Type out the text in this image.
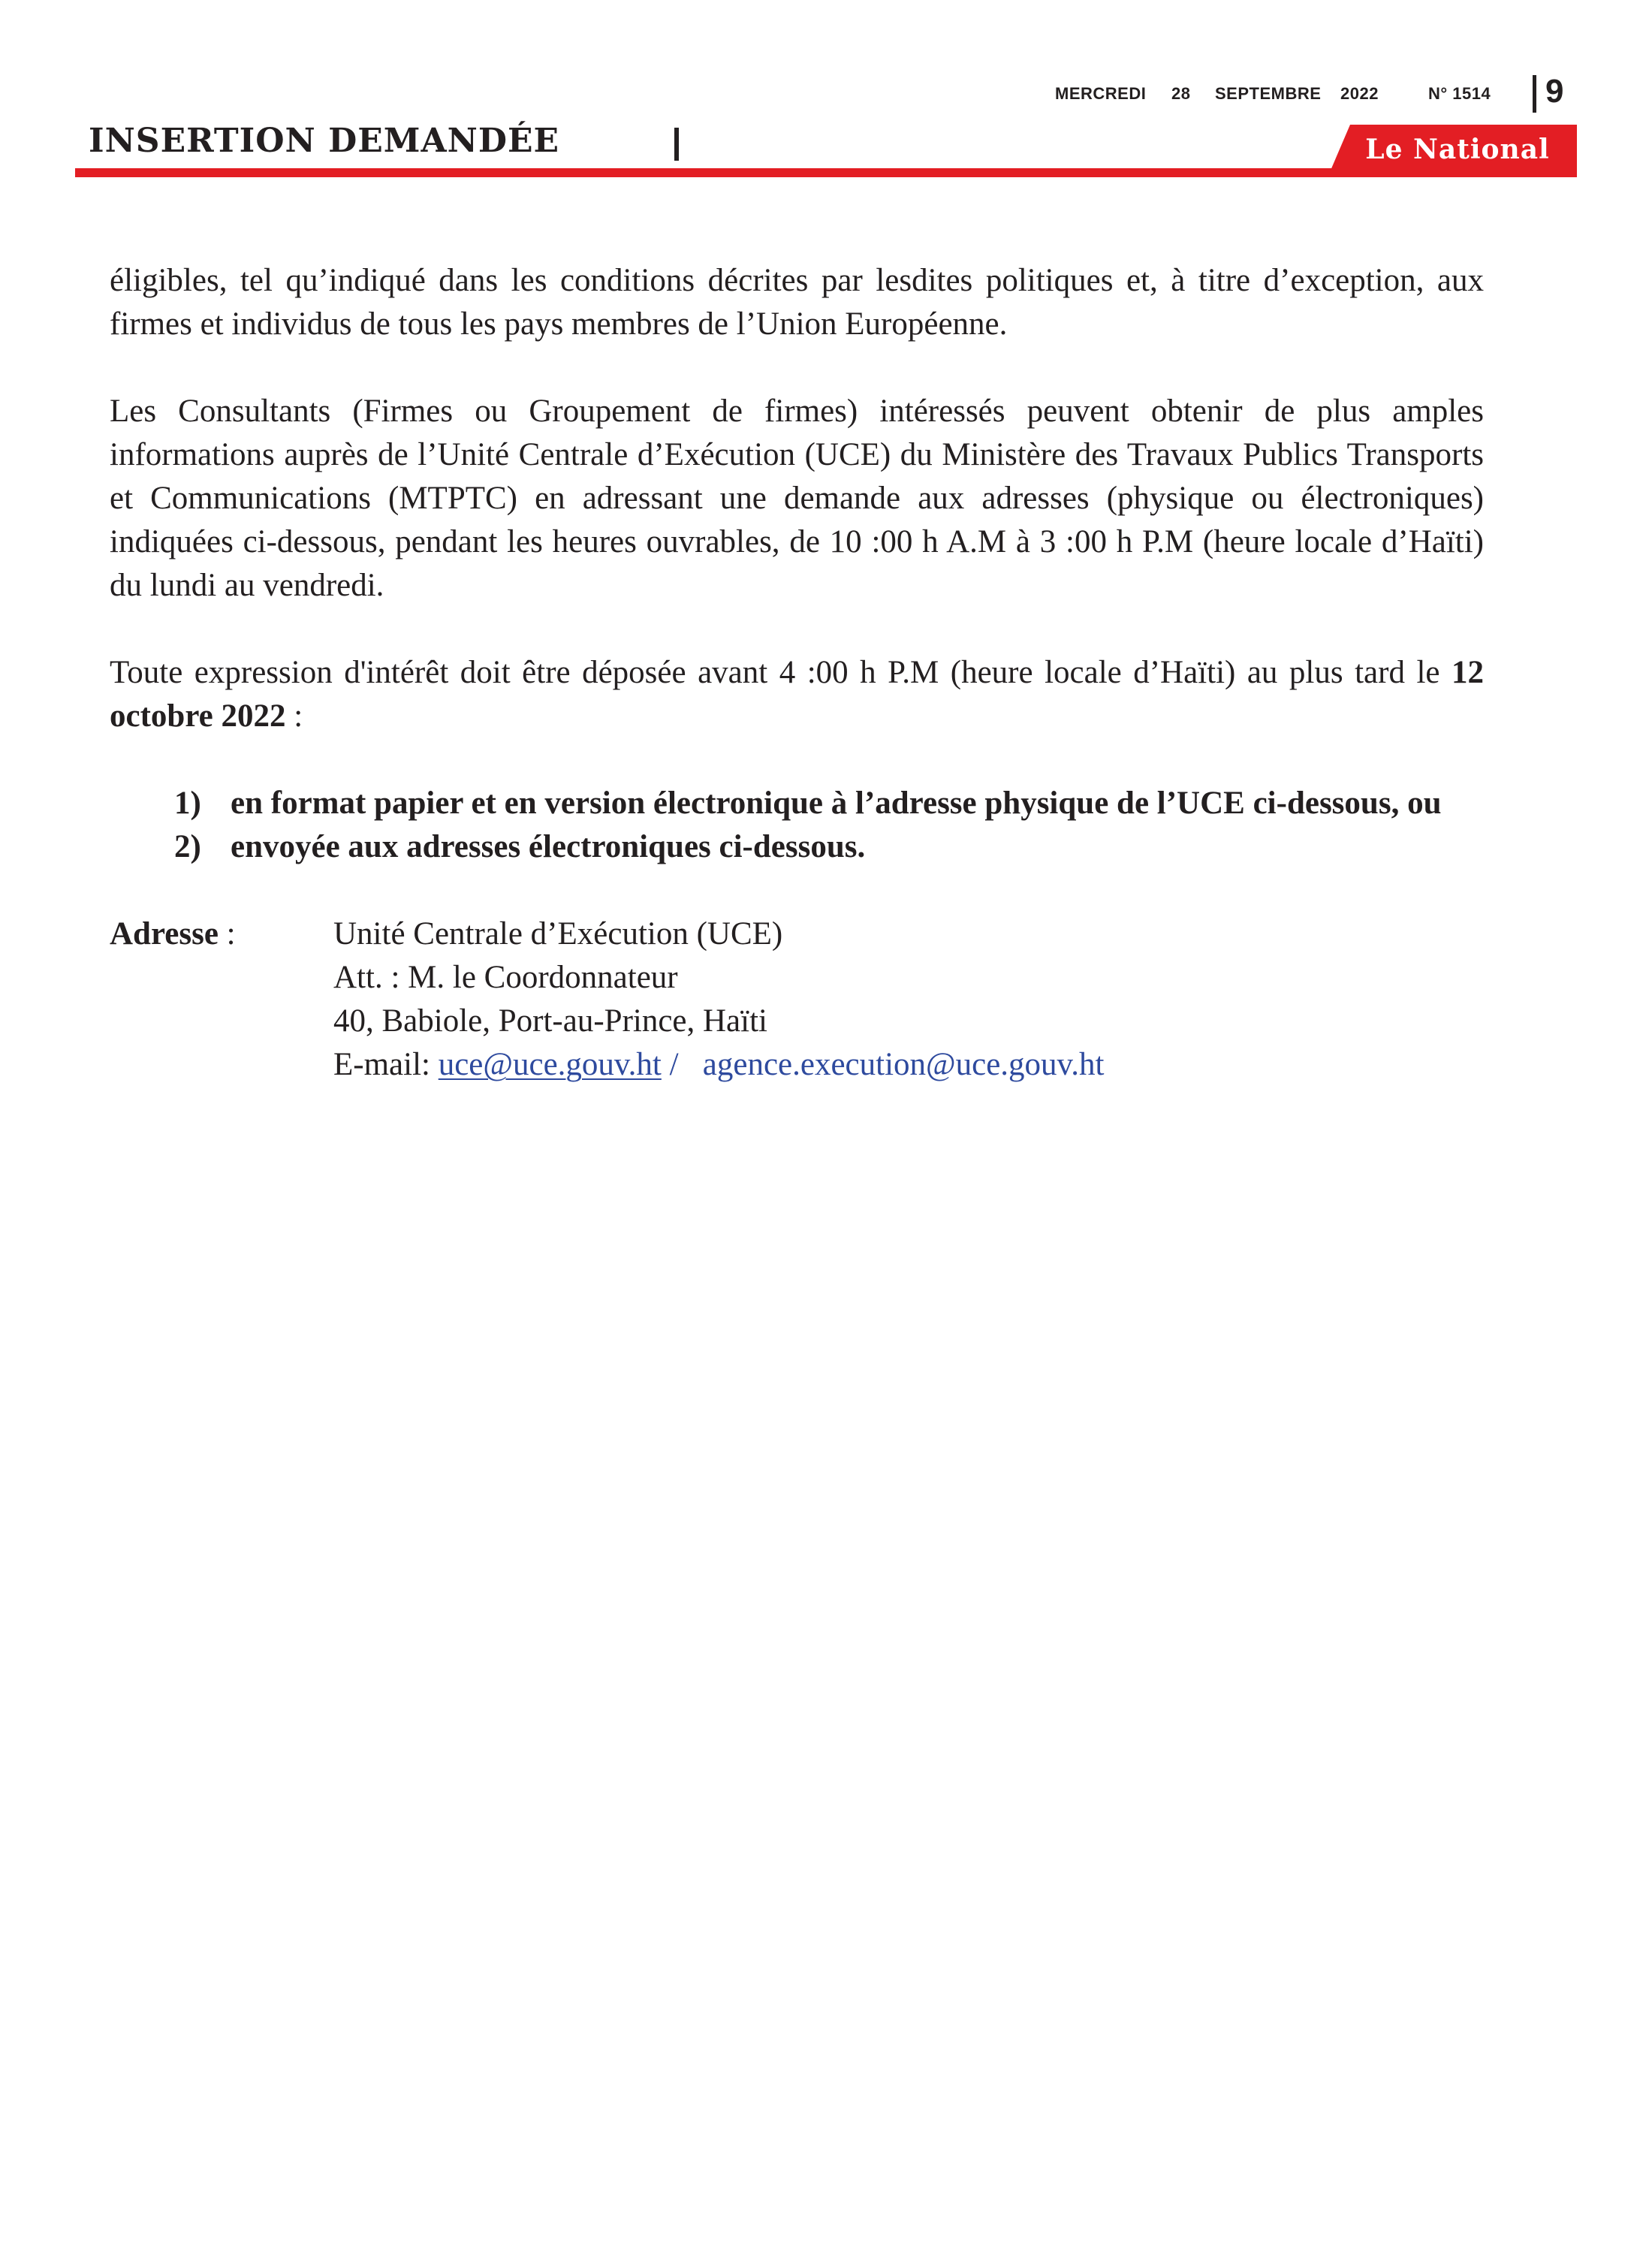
MERCREDI 28 SEPTEMBRE 2022	N° 1514 9
INSERTION DEMANDÉE	Le National

éligibles, tel qu’indiqué dans les conditions décrites par lesdites politiques et, à titre d’exception, aux firmes et individus de tous les pays membres de l’Union Européenne.

Les Consultants (Firmes ou Groupement de firmes) intéressés peuvent obtenir de plus amples informations auprès de l’Unité Centrale d’Exécution (UCE) du Ministère des Travaux Publics Transports et Communications (MTPTC) en adressant une demande aux adresses (physique ou électroniques) indiquées ci-dessous, pendant les heures ouvrables, de 10 :00 h A.M à 3 :00 h P.M (heure locale d’Haïti) du lundi au vendredi.

Toute expression d'intérêt doit être déposée avant 4 :00 h P.M (heure locale d’Haïti) au plus tard le 12 octobre 2022 :

1) en format papier et en version électronique à l’adresse physique de l’UCE ci-dessous, ou
2) envoyée aux adresses électroniques ci-dessous.
Adresse :	Unité Centrale d’Exécution (UCE)
Att. : M. le Coordonnateur
40, Babiole, Port-au-Prince, Haïti
E-mail: uce@uce.gouv.ht /   agence.execution@uce.gouv.ht
